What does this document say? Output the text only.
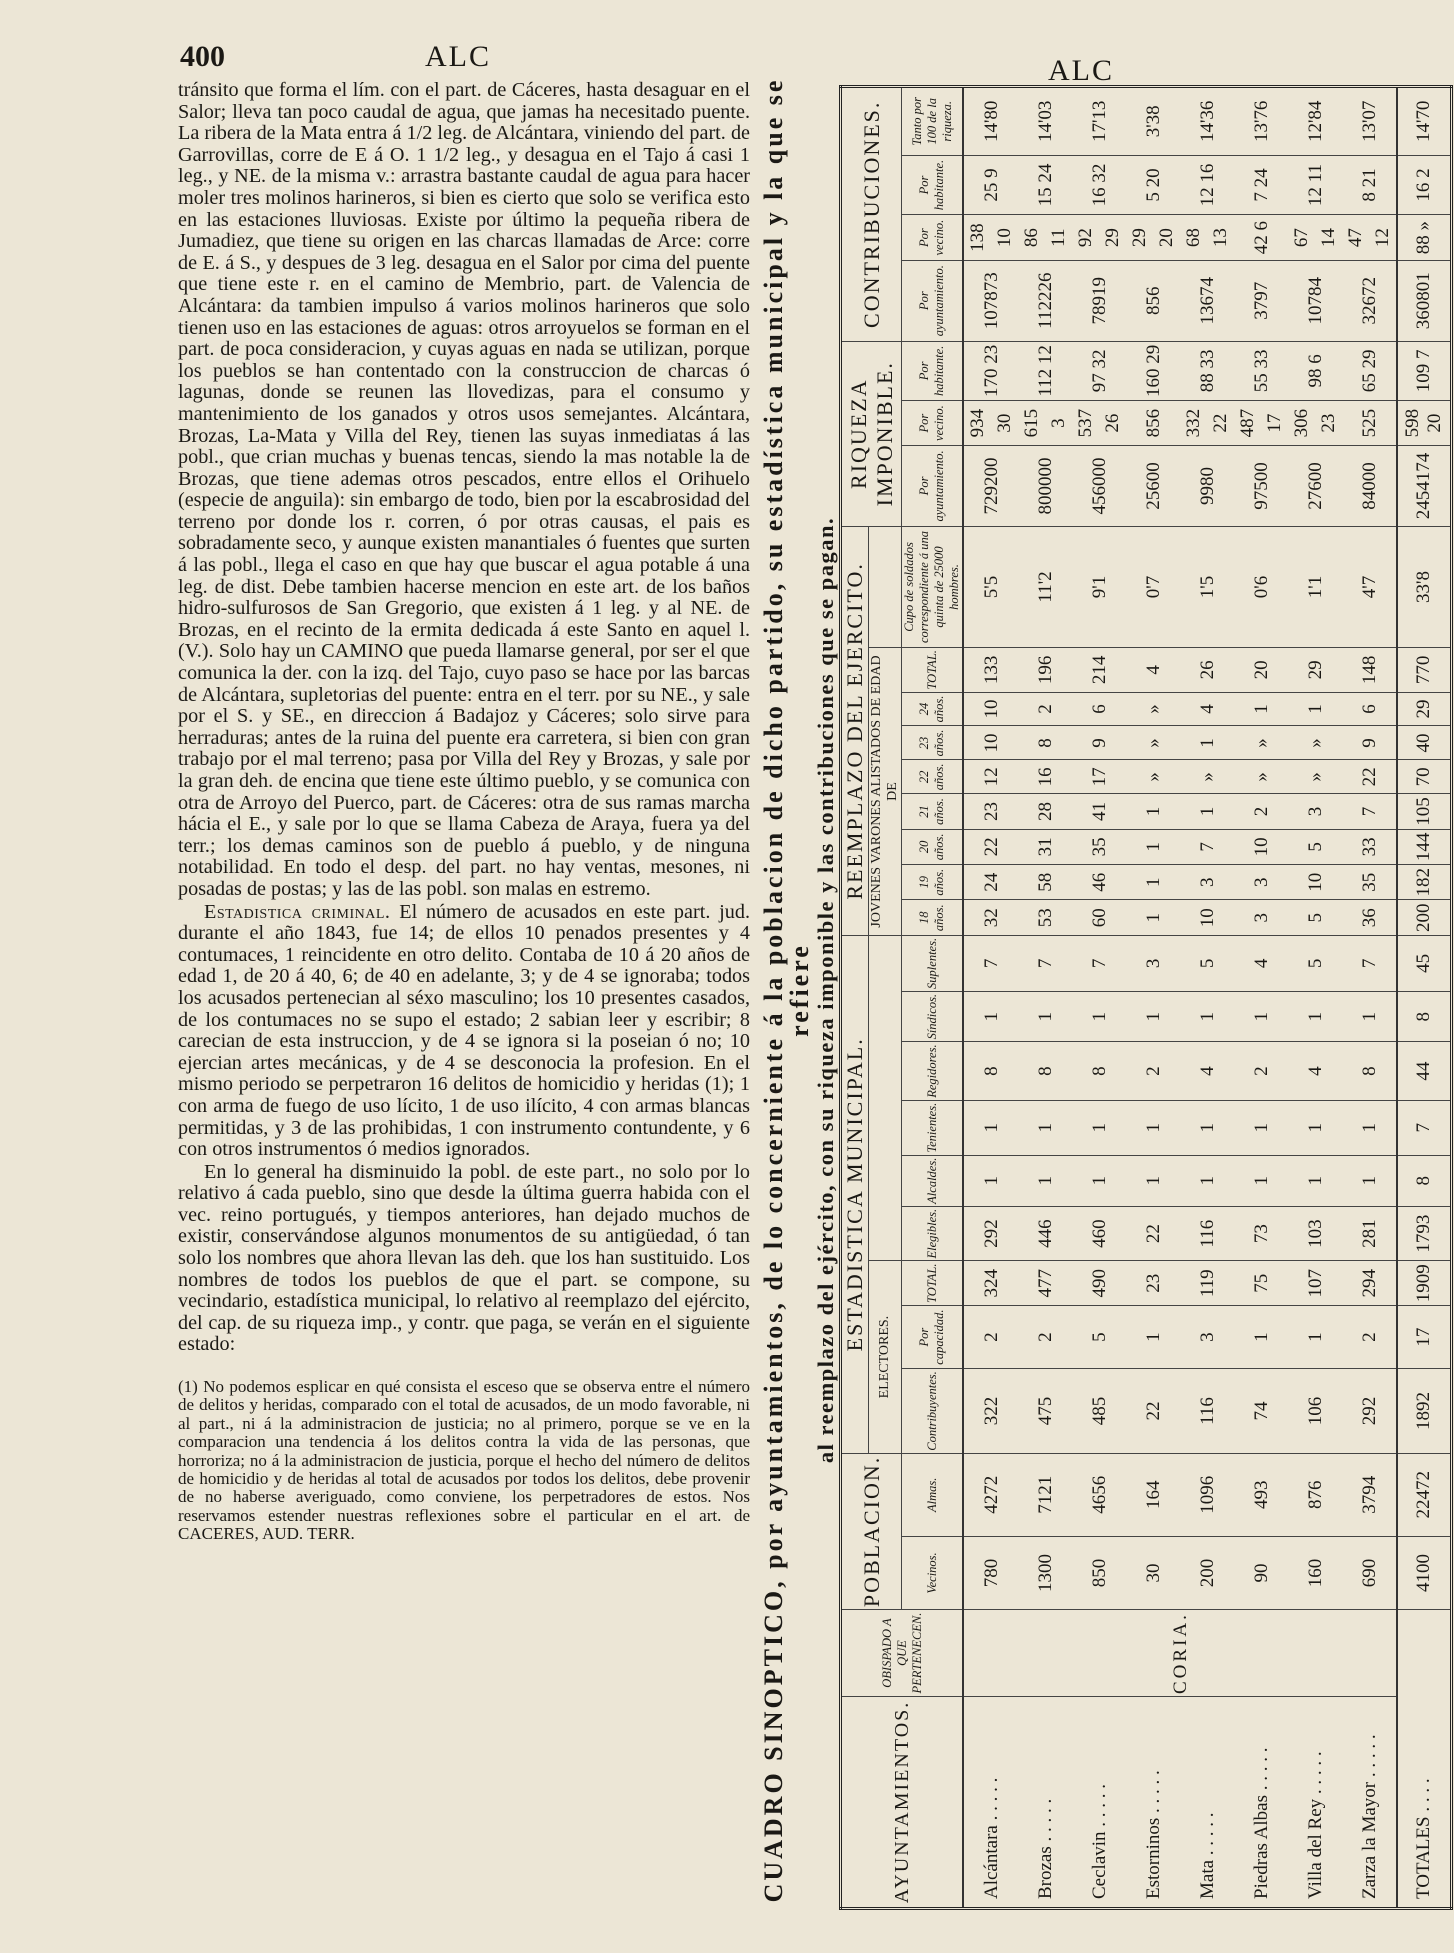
400	ALC	ALC

tránsito que forma el lím. con el part. de Cáceres, hasta desaguar en el Salor; lleva tan poco caudal de agua, que jamas ha necesitado puente. La ribera de la Mata entra á 1/2 leg. de Alcántara, viniendo del part. de Garrovillas, corre de E á O. 1 1/2 leg., y desagua en el Tajo á casi 1 leg., y NE. de la misma v.: arrastra bastante caudal de agua para hacer moler tres molinos harineros, si bien es cierto que solo se verifica esto en las estaciones lluviosas. Existe por último la pequeña ribera de Jumadiez, que tiene su origen en las charcas llamadas de Arce: corre de E. á S., y despues de 3 leg. desagua en el Salor por cima del puente que tiene este r. en el camino de Membrio, part. de Valencia de Alcántara: da tambien impulso á varios molinos harineros que solo tienen uso en las estaciones de aguas: otros arroyuelos se forman en el part. de poca consideracion, y cuyas aguas en nada se utilizan, porque los pueblos se han contentado con la construccion de charcas ó lagunas, donde se reunen las llovedizas, para el consumo y mantenimiento de los ganados y otros usos semejantes. Alcántara, Brozas, La-Mata y Villa del Rey, tienen las suyas inmediatas á las pobl., que crian muchas y buenas tencas, siendo la mas notable la de Brozas, que tiene ademas otros pescados, entre ellos el Orihuelo (especie de anguila): sin embargo de todo, bien por la escabrosidad del terreno por donde los r. corren, ó por otras causas, el pais es sobradamente seco, y aunque existen manantiales ó fuentes que surten á las pobl., llega el caso en que hay que buscar el agua potable á una leg. de dist. Debe tambien hacerse mencion en este art. de los baños hidro-sulfurosos de San Gregorio, que existen á 1 leg. y al NE. de Brozas, en el recinto de la ermita dedicada á este Santo en aquel l. (V.). Solo hay un CAMINO que pueda llamarse general, por ser el que comunica la der. con la izq. del Tajo, cuyo paso se hace por las barcas de Alcántara, supletorias del puente: entra en el terr. por su NE., y sale por el S. y SE., en direccion á Badajoz y Cáceres; solo sirve para herraduras; antes de la ruina del puente era carretera, si bien con gran trabajo por el mal terreno; pasa por Villa del Rey y Brozas, y sale por la gran deh. de encina que tiene este último pueblo, y se comunica con otra de Arroyo del Puerco, part. de Cáceres: otra de sus ramas marcha hácia el E., y sale por lo que se llama Cabeza de Araya, fuera ya del terr.; los demas caminos son de pueblo á pueblo, y de ninguna notabilidad. En todo el desp. del part. no hay ventas, mesones, ni posadas de postas; y las de las pobl. son malas en estremo.

Estadistica criminal. El número de acusados en este part. jud. durante el año 1843, fue 14; de ellos 10 penados presentes y 4 contumaces, 1 reincidente en otro delito. Contaba de 10 á 20 años de edad 1, de 20 á 40, 6; de 40 en adelante, 3; y de 4 se ignoraba; todos los acusados pertenecian al séxo masculino; los 10 presentes casados, de los contumaces no se supo el estado; 2 sabian leer y escribir; 8 carecian de esta instruccion, y de 4 se ignora si la poseian ó no; 10 ejercian artes mecánicas, y de 4 se desconocia la profesion. En el mismo periodo se perpetraron 16 delitos de homicidio y heridas (1); 1 con arma de fuego de uso lícito, 1 de uso ilícito, 4 con armas blancas permitidas, y 3 de las prohibidas, 1 con instrumento contundente, y 6 con otros instrumentos ó medios ignorados.

En lo general ha disminuido la pobl. de este part., no solo por lo relativo á cada pueblo, sino que desde la última guerra habida con el vec. reino portugués, y tiempos anteriores, han dejado muchos de existir, conservándose algunos monumentos de su antigüedad, ó tan solo los nombres que ahora llevan las deh. que los han sustituido. Los nombres de todos los pueblos de que el part. se compone, su vecindario, estadística municipal, lo relativo al reemplazo del ejército, del cap. de su riqueza imp., y contr. que paga, se verán en el siguiente estado:

(1) No podemos esplicar en qué consista el esceso que se observa entre el número de delitos y heridas, comparado con el total de acusados, de un modo favorable, ni al part., ni á la administracion de justicia; no al primero, porque se ve en la comparacion una tendencia á los delitos contra la vida de las personas, que horroriza; no á la administracion de justicia, porque el hecho del número de delitos de homicidio y de heridas al total de acusados por todos los delitos, debe provenir de no haberse averiguado, como conviene, los perpetradores de estos. Nos reservamos estender nuestras reflexiones sobre el particular en el art. de CACERES, AUD. TERR.	CUADRO SINOPTICO, por ayuntamientos, de lo concerniente á la poblacion de dicho partido, su estadística municipal y la que se refiere al reemplazo del ejército, con su riqueza imponible y las contribuciones que se pagan.
AYUNTAMIENTOS.	OBISPADO A QUE PERTENECEN.	POBLACION.		ESTADISTICA MUNICIPAL.									REEMPLAZO DEL EJERCITO.									RIQUEZA IMPONIBLE.			CONTRIBUCIONES.			
				ELECTORES.									JOVENES VARONES ALISTADOS DE EDAD DE															
		Vecinos.	Almas.	Contribuyentes.	Por capacidad.	TOTAL.	Elegibles.	Alcaldes.	Tenientes.	Regidores.	Síndicos.	Suplentes.	18 años.	19 años.	20 años.	21 años.	22 años.	23 años.	24 años.	TOTAL.	Cupo de soldados correspondiente á una quinta de 25000 hombres.	Por ayuntamiento.	Por vecino.	Por habitante.	Por ayuntamiento.	Por vecino.	Por habitante.	Tanto por 100 de la riqueza.
Alcántara . . . . .	CORIA.	780	4272	322	2	324	292	1	1	8	1	7	32	24	22	23	12	10	10	133	5'5	729200	934 30	170 23	107873	138 10	25 9	14'80
Brozas . . . . .		1300	7121	475	2	477	446	1	1	8	1	7	53	58	31	28	16	8	2	196	11'2	800000	615 3	112 12	112226	86 11	15 24	14'03
Ceclavin . . . . .		850	4656	485	5	490	460	1	1	8	1	7	60	46	35	41	17	9	6	214	9'1	456000	537 26	97 32	78919	92 29	16 32	17'13
Estorninos . . . . .		30	164	22	1	23	22	1	1	2	1	3	1	1	1	1	»	»	»	4	0'7	25600	856	160 29	856	29 20	5 20	3'38
Mata . . . . .		200	1096	116	3	119	116	1	1	4	1	5	10	3	7	1	»	1	4	26	1'5	9980	332 22	88 33	13674	68 13	12 16	14'36
Piedras Albas . . . . .		90	493	74	1	75	73	1	1	2	1	4	3	3	10	2	»	»	1	20	0'6	97500	487 17	55 33	3797	42 6	7 24	13'76
Villa del Rey . . . . .		160	876	106	1	107	103	1	1	4	1	5	5	10	5	3	»	»	1	29	1'1	27600	306 23	98 6	10784	67 14	12 11	12'84
Zarza la Mayor . . . . .		690	3794	292	2	294	281	1	1	8	1	7	36	35	33	7	22	9	6	148	4'7	84000	525	65 29	32672	47 12	8 21	13'07
TOTALES . . . .		4100	22472	1892	17	1909	1793	8	7	44	8	45	200	182	144	105	70	40	29	770	33'8	2454174	598 20	109 7	360801	88 »	16 2	14'70
